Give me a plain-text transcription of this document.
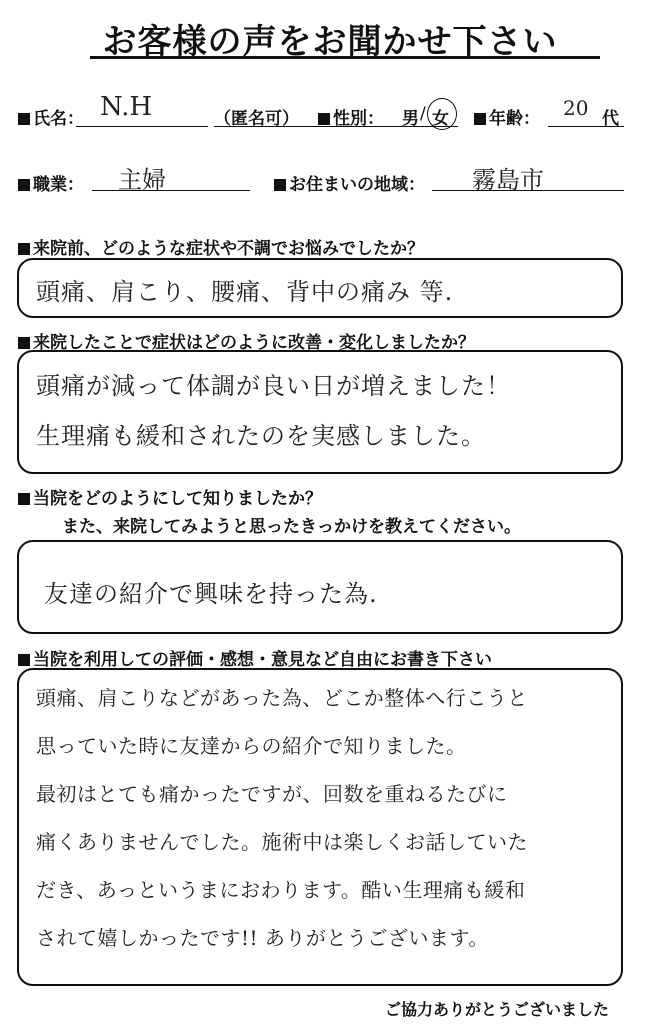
お客様の声をお聞かせ下さい
氏名： N.H	（匿名可）	性別： 男 / 女	年齢： 20 代
職業： 主婦	お住まいの地域： 霧島市
来院前、どのような症状や不調でお悩みでしたか？
頭痛、肩こり、腰痛、背中の痛み 等.
来院したことで症状はどのように改善・変化しましたか？
頭痛が減って体調が良い日が増えました！
生理痛も緩和されたのを実感しました。
当院をどのようにして知りましたか？
また、来院してみようと思ったきっかけを教えてください。
友達の紹介で興味を持った為.
当院を利用しての評価・感想・意見など自由にお書き下さい
頭痛、肩こりなどがあった為、どこか整体へ行こうと
思っていた時に友達からの紹介で知りました。
最初はとても痛かったですが、回数を重ねるたびに
痛くありませんでした。施術中は楽しくお話していた
だき、あっというまにおわります。酷い生理痛も緩和
されて嬉しかったです!! ありがとうございます。
ご協力ありがとうございました
